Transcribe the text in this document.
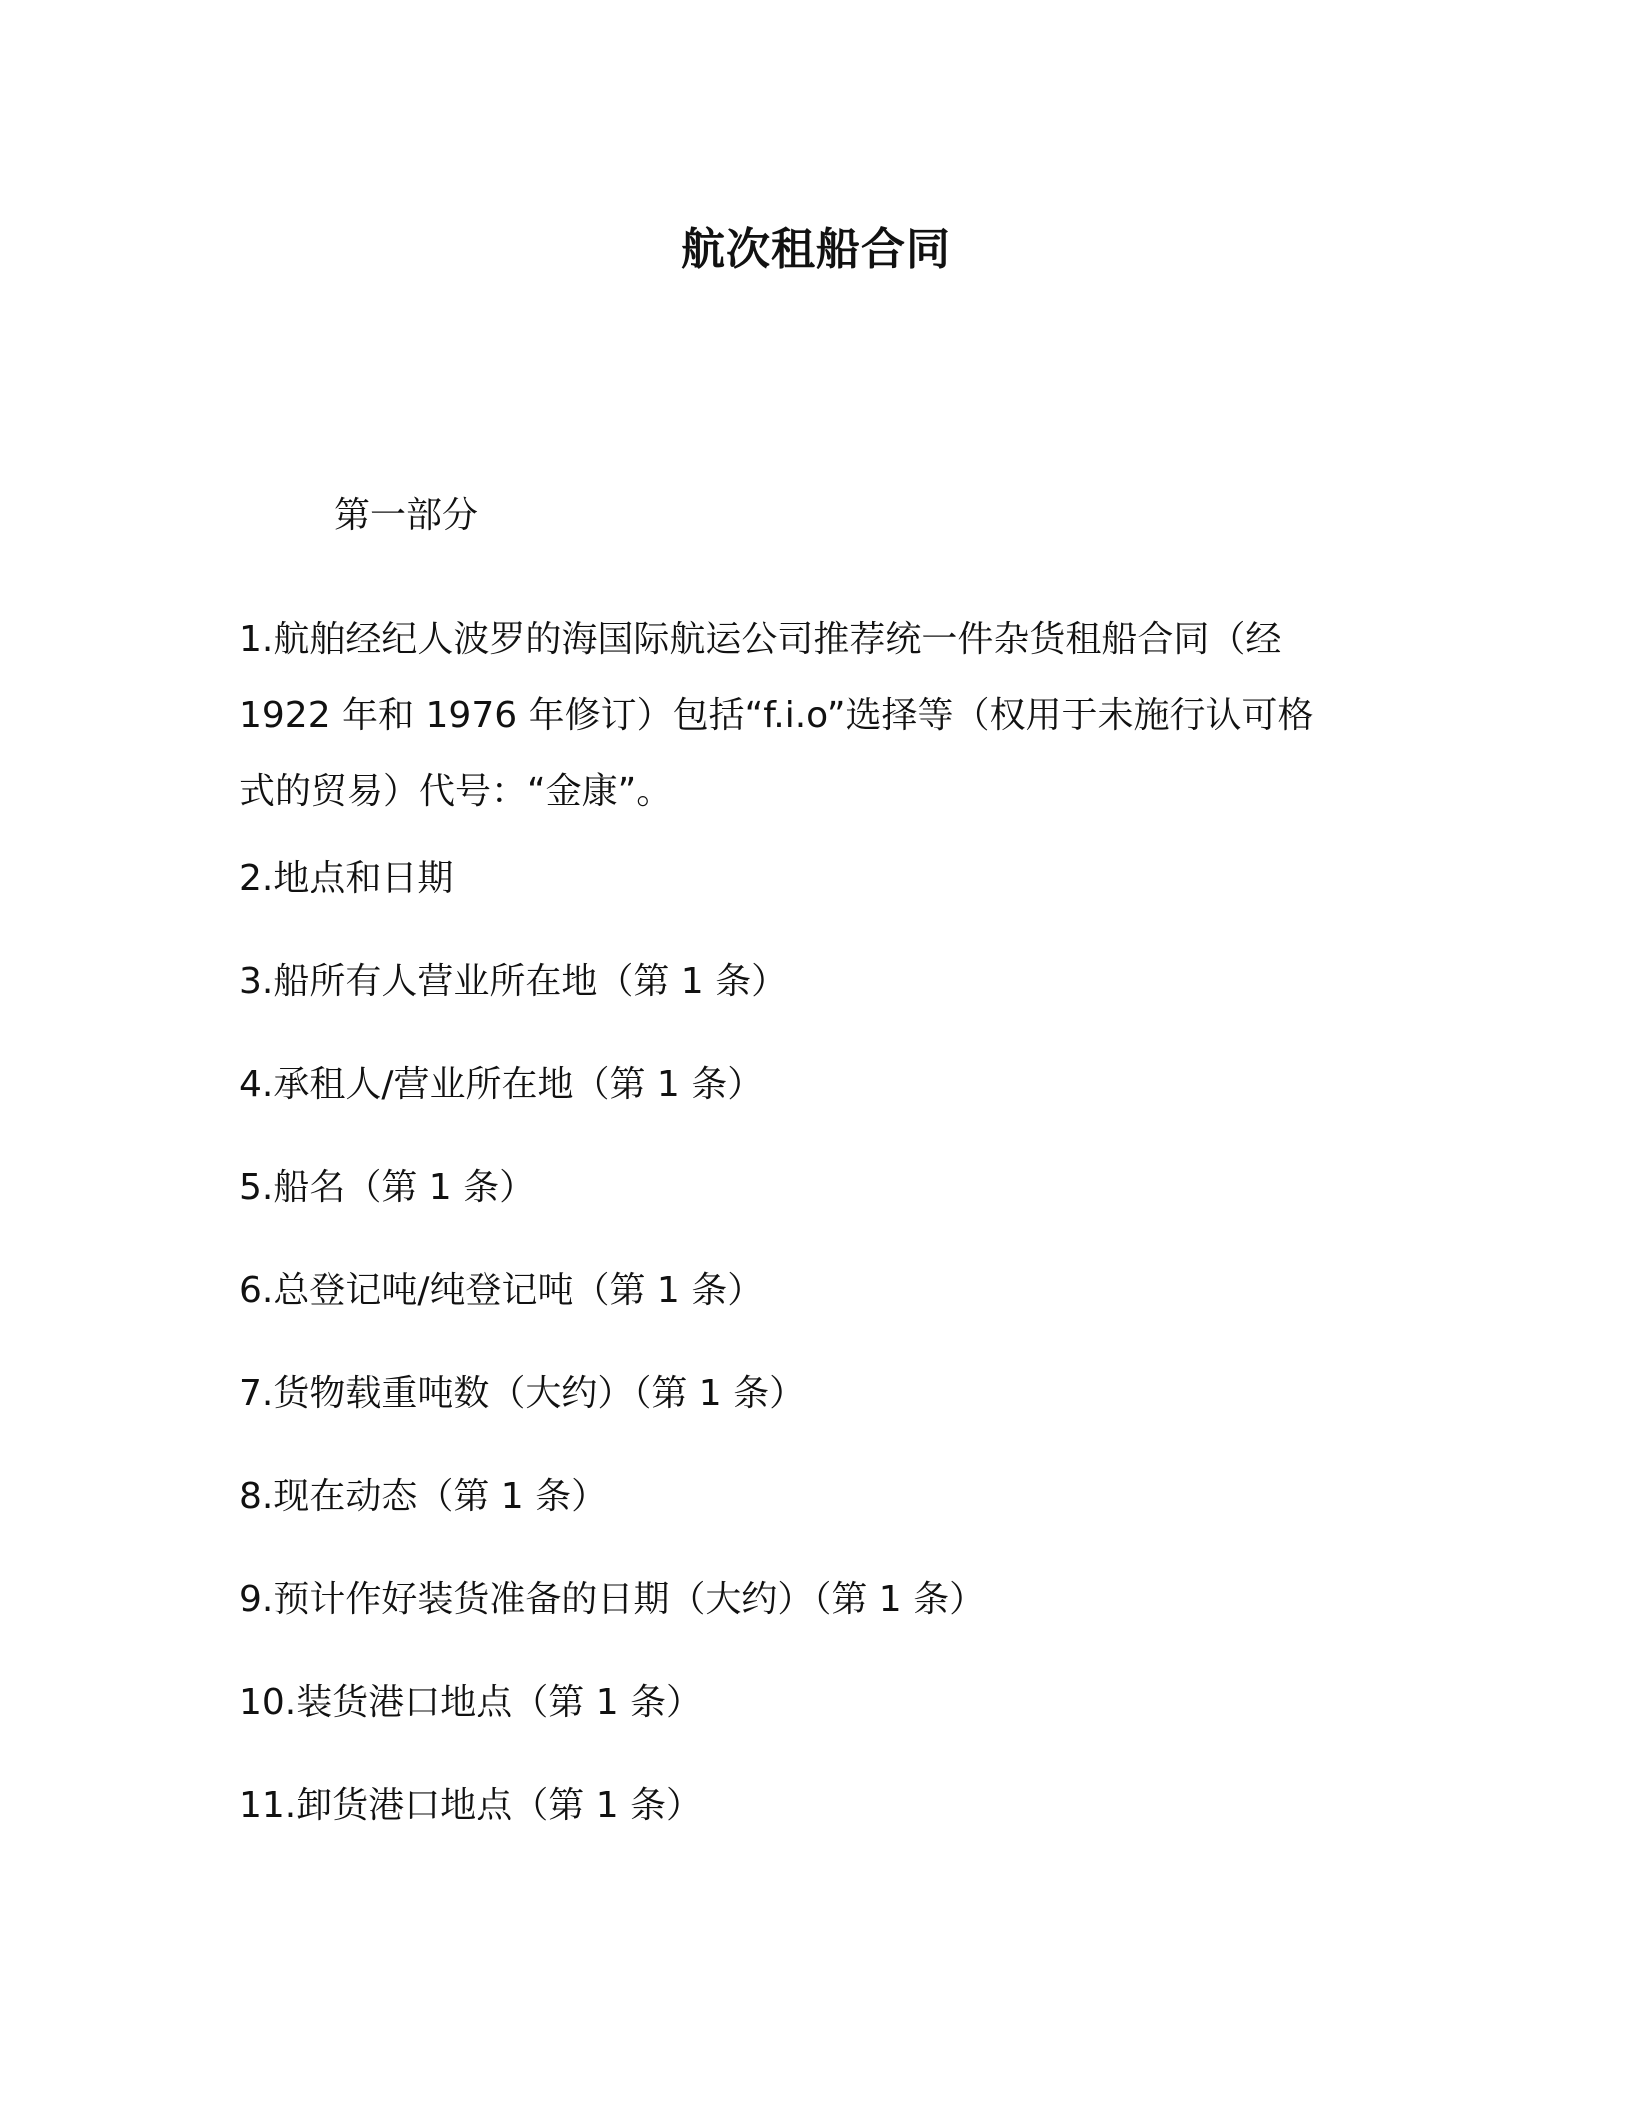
航次租船合同
第一部分
1.航舶经纪人波罗的海国际航运公司推荐统一件杂货租船合同（经
1922 年和 1976 年修订）包括“f.i.o”选择等（权用于未施行认可格
式的贸易）代号：“金康”。
2.地点和日期
3.船所有人营业所在地（第 1 条）
4.承租人/营业所在地（第 1 条）
5.船名（第 1 条）
6.总登记吨/纯登记吨（第 1 条）
7.货物载重吨数（大约）（第 1 条）
8.现在动态（第 1 条）
9.预计作好装货准备的日期（大约）（第 1 条）
10.装货港口地点（第 1 条）
11.卸货港口地点（第 1 条）
